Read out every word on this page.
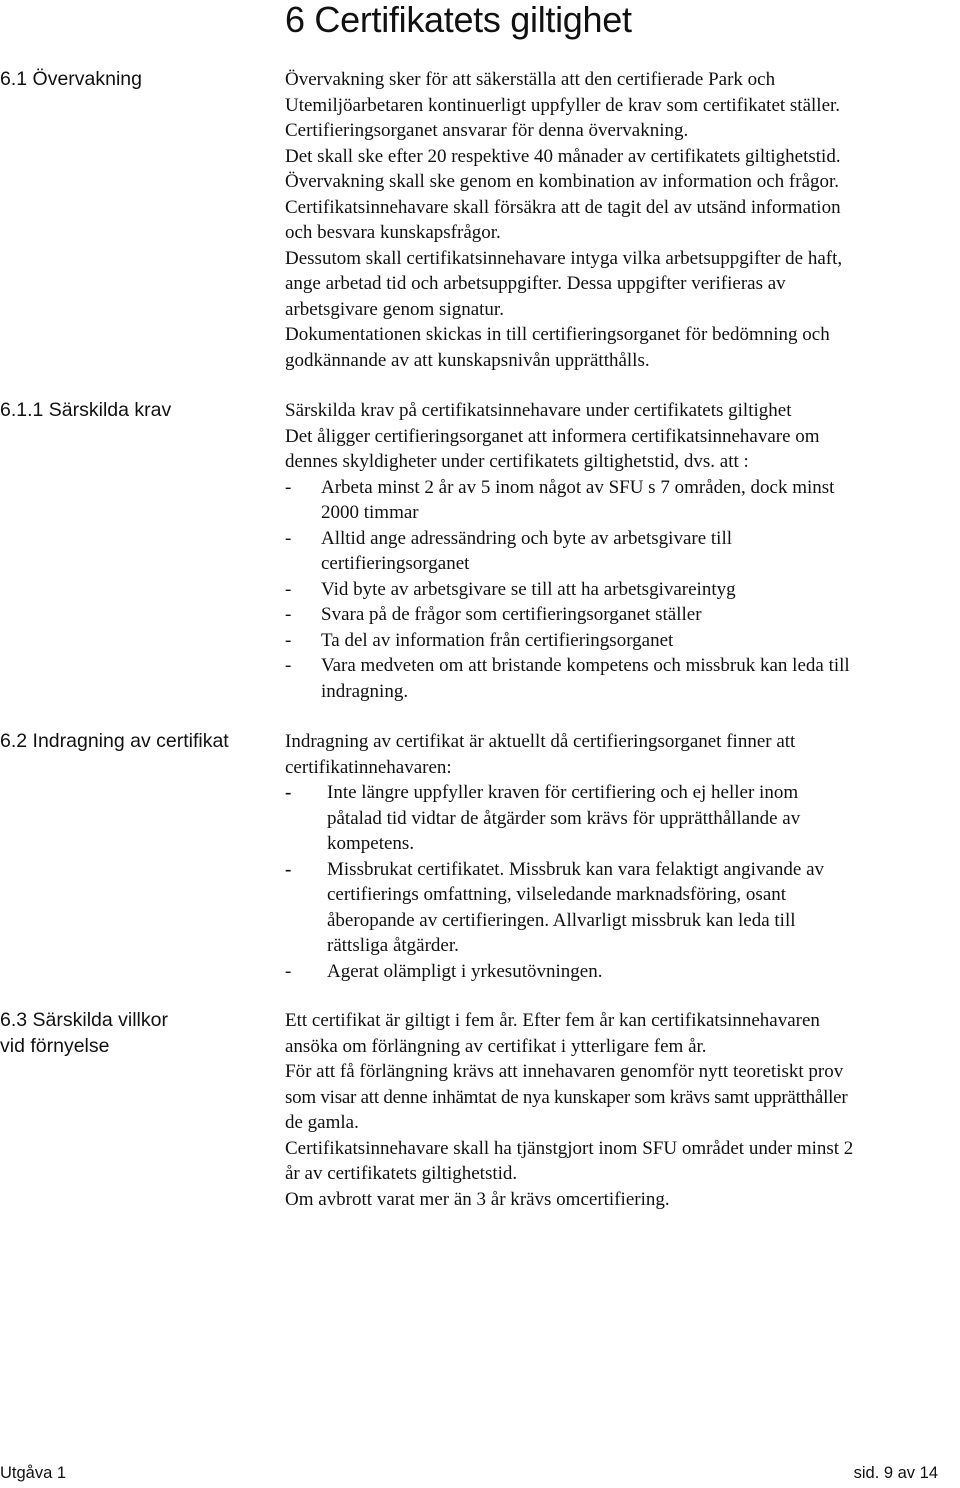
6 Certifikatets giltighet
6.1 Övervakning	Övervakning sker för att säkerställa att den certifierade Park och
Utemiljöarbetaren kontinuerligt uppfyller de krav som certifikatet ställer.
Certifieringsorganet ansvarar för denna övervakning.
Det skall ske efter 20 respektive 40 månader av certifikatets giltighetstid.
Övervakning skall ske genom en kombination av information och frågor.
Certifikatsinnehavare skall försäkra att de tagit del av utsänd information
och besvara kunskapsfrågor.
Dessutom skall certifikatsinnehavare intyga vilka arbetsuppgifter de haft,
ange arbetad tid och arbetsuppgifter. Dessa uppgifter verifieras av
arbetsgivare genom signatur.
Dokumentationen skickas in till certifieringsorganet för bedömning och
godkännande av att kunskapsnivån upprätthålls.
6.1.1 Särskilda krav	Särskilda krav på certifikatsinnehavare under certifikatets giltighet
Det åligger certifieringsorganet att informera certifikatsinnehavare om
dennes skyldigheter under certifikatets giltighetstid, dvs. att :
- Arbeta minst 2 år av 5 inom något av SFU s 7 områden, dock minst
2000 timmar
- Alltid ange adressändring och byte av arbetsgivare till
certifieringsorganet
- Vid byte av arbetsgivare se till att ha arbetsgivareintyg
- Svara på de frågor som certifieringsorganet ställer
- Ta del av information från certifieringsorganet
- Vara medveten om att bristande kompetens och missbruk kan leda till
indragning.
6.2 Indragning av certifikat	Indragning av certifikat är aktuellt då certifieringsorganet finner att
certifikatinnehavaren:
- Inte längre uppfyller kraven för certifiering och ej heller inom
påtalad tid vidtar de åtgärder som krävs för upprätthållande av
kompetens.
- Missbrukat certifikatet. Missbruk kan vara felaktigt angivande av
certifierings omfattning, vilseledande marknadsföring, osant
åberopande av certifieringen. Allvarligt missbruk kan leda till
rättsliga åtgärder.
- Agerat olämpligt i yrkesutövningen.
6.3 Särskilda villkor
vid förnyelse
Ett certifikat är giltigt i fem år. Efter fem år kan certifikatsinnehavaren
ansöka om förlängning av certifikat i ytterligare fem år.
För att få förlängning krävs att innehavaren genomför nytt teoretiskt prov
som visar att denne inhämtat de nya kunskaper som krävs samt upprätthåller
de gamla.
Certifikatsinnehavare skall ha tjänstgjort inom SFU området under minst 2
år av certifikatets giltighetstid.
Om avbrott varat mer än 3 år krävs omcertifiering.
Utgåva 1	sid. 9 av 14
